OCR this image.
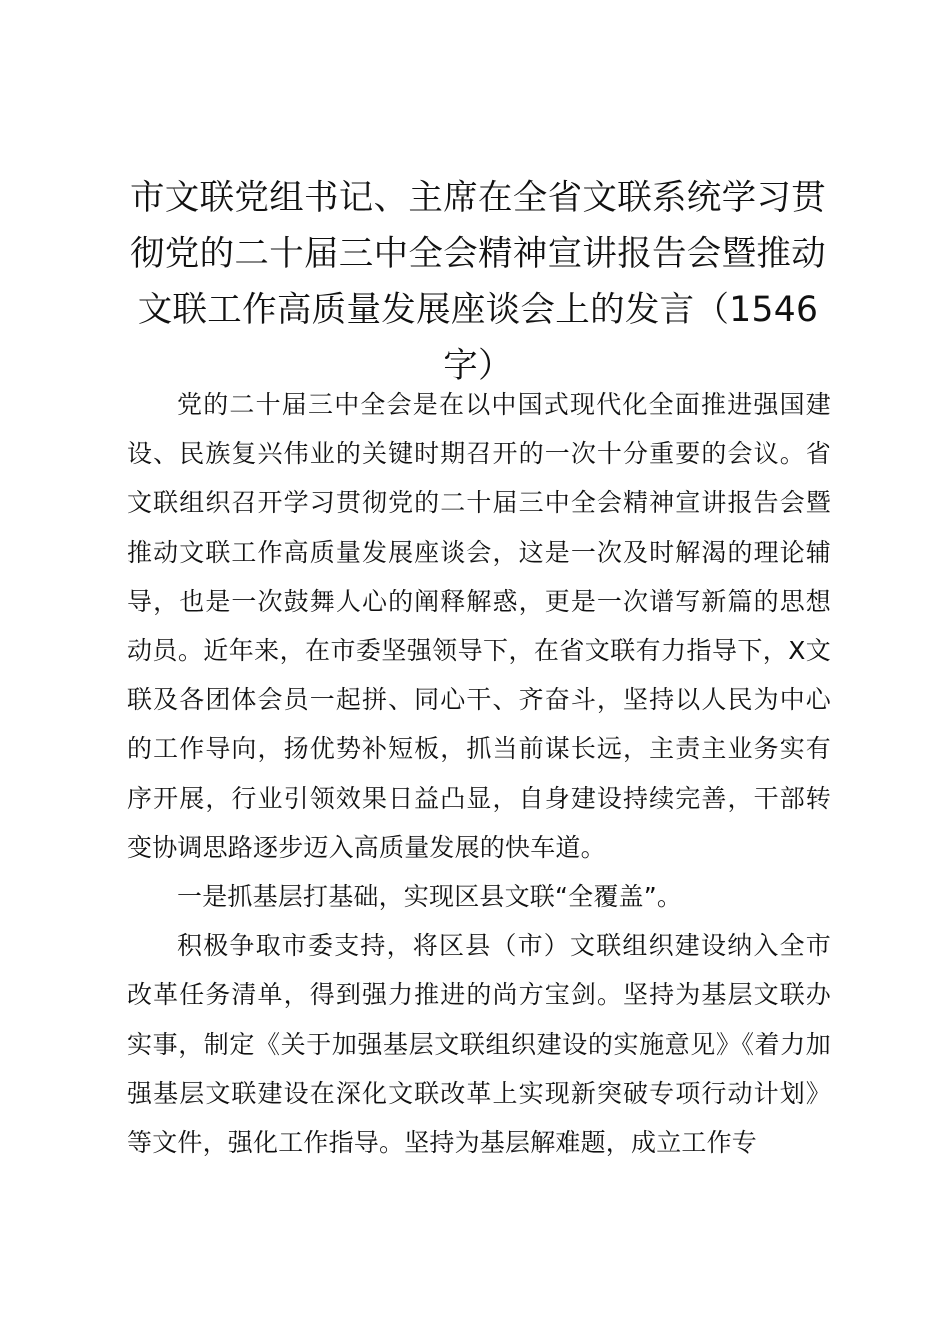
市文联党组书记、主席在全省文联系统学习贯彻党的二十届三中全会精神宣讲报告会暨推动文联工作高质量发展座谈会上的发言（1546字）

党的二十届三中全会是在以中国式现代化全面推进强国建设、民族复兴伟业的关键时期召开的一次十分重要的会议。省文联组织召开学习贯彻党的二十届三中全会精神宣讲报告会暨推动文联工作高质量发展座谈会，这是一次及时解渴的理论辅导，也是一次鼓舞人心的阐释解惑，更是一次谱写新篇的思想动员。近年来，在市委坚强领导下，在省文联有力指导下，X文联及各团体会员一起拼、同心干、齐奋斗，坚持以人民为中心的工作导向，扬优势补短板，抓当前谋长远，主责主业务实有序开展，行业引领效果日益凸显，自身建设持续完善，干部转变协调思路逐步迈入高质量发展的快车道。

一是抓基层打基础，实现区县文联“全覆盖”。

积极争取市委支持，将区县（市）文联组织建设纳入全市改革任务清单，得到强力推进的尚方宝剑。坚持为基层文联办实事，制定《关于加强基层文联组织建设的实施意见》《着力加强基层文联建设在深化文联改革上实现新突破专项行动计划》等文件，强化工作指导。坚持为基层解难题，成立工作专
